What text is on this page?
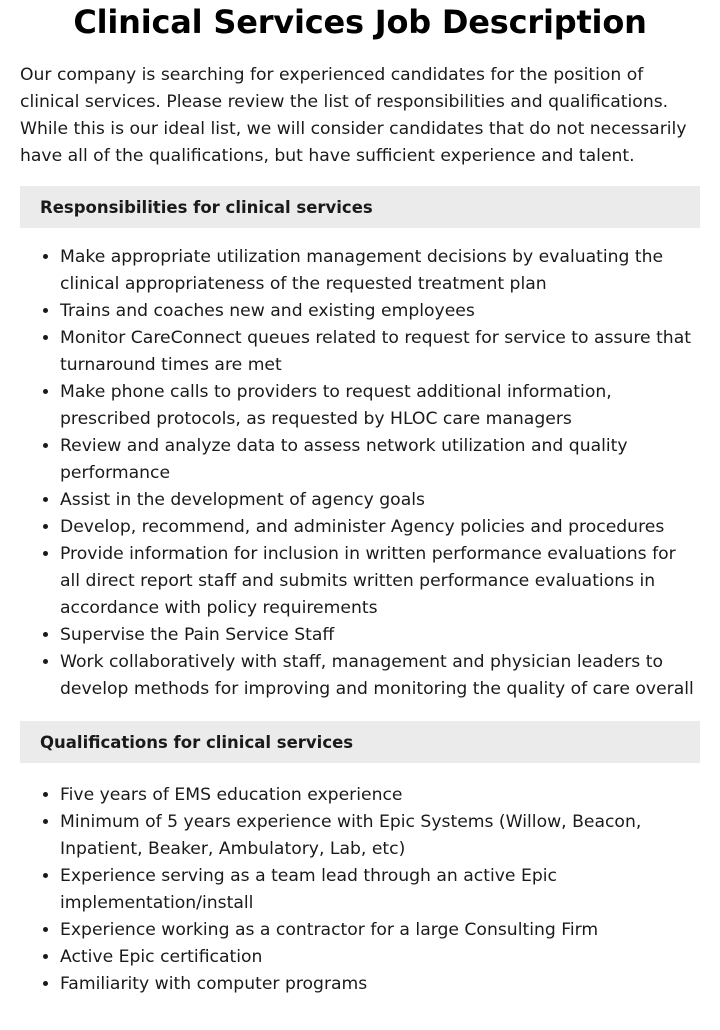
Clinical Services Job Description

Our company is searching for experienced candidates for the position of clinical services. Please review the list of responsibilities and qualifications. While this is our ideal list, we will consider candidates that do not necessarily have all of the qualifications, but have sufficient experience and talent.

Responsibilities for clinical services
• Make appropriate utilization management decisions by evaluating the clinical appropriateness of the requested treatment plan
• Trains and coaches new and existing employees
• Monitor CareConnect queues related to request for service to assure that turnaround times are met
• Make phone calls to providers to request additional information, prescribed protocols, as requested by HLOC care managers
• Review and analyze data to assess network utilization and quality performance
• Assist in the development of agency goals
• Develop, recommend, and administer Agency policies and procedures
• Provide information for inclusion in written performance evaluations for all direct report staff and submits written performance evaluations in accordance with policy requirements
• Supervise the Pain Service Staff
• Work collaboratively with staff, management and physician leaders to develop methods for improving and monitoring the quality of care overall
Qualifications for clinical services
• Five years of EMS education experience
• Minimum of 5 years experience with Epic Systems (Willow, Beacon, Inpatient, Beaker, Ambulatory, Lab, etc)
• Experience serving as a team lead through an active Epic implementation/install
• Experience working as a contractor for a large Consulting Firm
• Active Epic certification
• Familiarity with computer programs
